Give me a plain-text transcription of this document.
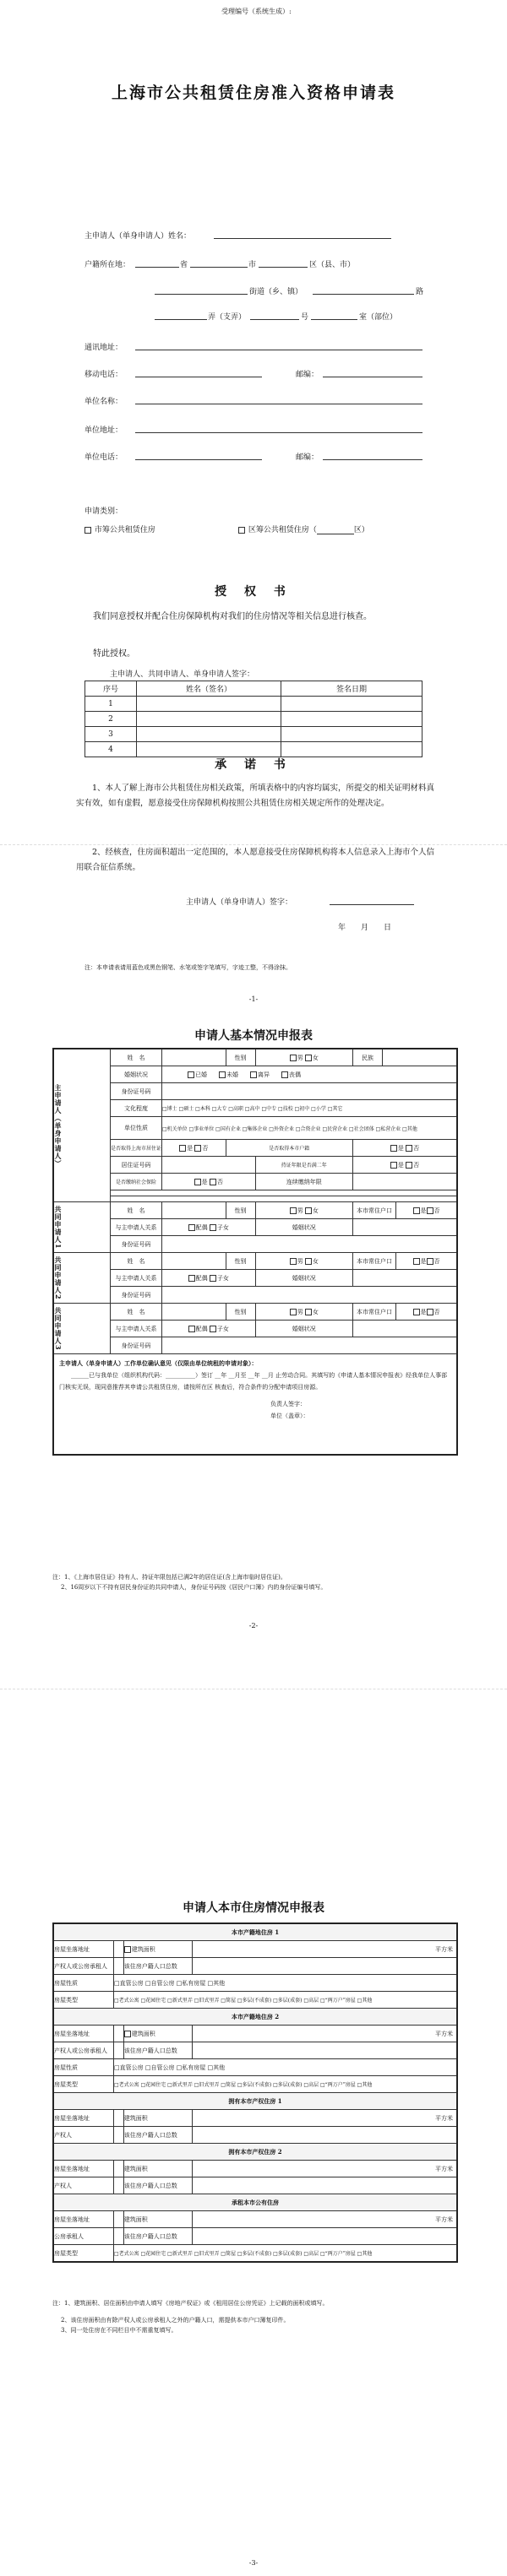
受理编号（系统生成）:
上海市公共租赁住房准入资格申请表
主申请人（单身申请人）姓名：
户籍所在地：	省	市	区（县、市）
街道（乡、镇）	路
弄（支弄）	号	室（部位）
通讯地址：
移动电话：	邮编：
单位名称：
单位地址：
单位电话：	邮编：
申请类别：
市筹公共租赁住房	区筹公共租赁住房（	区）
授 权 书
我们同意授权并配合住房保障机构对我们的住房情况等相关信息进行核查。
特此授权。
主申请人、共同申请人、单身申请人签字：
序号	姓名（签名）	签名日期
1		
2		
3		
4		
承 诺 书
1、本人了解上海市公共租赁住房相关政策，所填表格中的内容均属实，所提交的相关证明材料真实有效，如有虚假，愿意接受住房保障机构按照公共租赁住房相关规定所作的处理决定。
2、经核查，住房面积超出一定范围的，本人愿意接受住房保障机构将本人信息录入上海市个人信用联合征信系统。
主申请人（单身申请人）签字：
年　　月　　日
注：本申请表请用蓝色或黑色钢笔、水笔或签字笔填写，字迹工整，不得涂抹。
-1-
申请人基本情况申报表
主申请人（单身申请人）	姓　名		性别	男 女	民族		
	婚姻状况	已婚　　 未婚　　 离异　　 丧偶					
	身份证号码						
	文化程度	□博士 □硕士 □本科 □大专 □高职 □高中 □中专 □技校 □初中 □小学 □其它					
	单位性质	□机关单位 □事业单位 □国有企业 □集体企业 □外资企业 □合资企业 □民营企业 □社会团体 □私营企业 □其他					
	是否取得上海市居住证	是 否	是否取得本市户籍		是 否		
	居住证号码			持证年限是否满二年	是 否		
	是否缴纳社会保险	是 否		连续缴纳年限			

共同申请人1	姓　名		性别	男 女	本市常住户口		是 否
	与主申请人关系	配偶 子女		婚姻状况			
	身份证号码						

共同申请人2	姓　名		性别	男 女	本市常住户口		是 否
	与主申请人关系	配偶 子女		婚姻状况			
	身份证号码						

共同申请人3	姓　名		性别	男 女	本市常住户口		是 否
	与主申请人关系	配偶 子女		婚姻状况			
	身份证号码						

主申请人（单身申请人）工作单位确认意见（仅限由单位统租的申请对象）：
______已与我单位（组织机构代码：__________）签订 __年 __月至 __年 __月 止劳动合同。其填写的《申请人基本情况申报表》经我单位人事部门核实无误，现同意推荐其申请公共租赁住房，请按所在区 核查后，符合条件的分配申请项目房源。
负责人签字：
单位（盖章）：							
注：1、《上海市居住证》持有人、持证年限包括已满2年的居住证(含上海市临时居住证)。
2、16周岁以下不持有居民身份证的共同申请人，身份证号码按《居民户口簿》内的身份证编号填写。
-2-
申请人本市住房情况申报表
本市产籍地住房 1			
房屋坐落地址		建筑面积	平方米
产权人或公房承租人		该住房户籍人口总数	
房屋性质	□直管公房 □自管公房 □私有房屋 □其他		
房屋类型	□老式公寓 □花园住宅 □新式里弄 □旧式里弄 □简屋 □多层(不成套) □多层(成套) □高层 □“两万户”房屋 □其他		
本市产籍地住房 2			
房屋坐落地址		建筑面积	平方米
产权人或公房承租人		该住房户籍人口总数	
房屋性质	□直管公房 □自管公房 □私有房屋 □其他		
房屋类型	□老式公寓 □花园住宅 □新式里弄 □旧式里弄 □简屋 □多层(不成套) □多层(成套) □高层 □“两万户”房屋 □其他		
拥有本市产权住房 1			
房屋坐落地址		建筑面积	平方米
产权人		该住房户籍人口总数	
拥有本市产权住房 2			
房屋坐落地址		建筑面积	平方米
产权人		该住房户籍人口总数	
承租本市公有住房			
房屋坐落地址		建筑面积	平方米
公房承租人		该住房户籍人口总数	
房屋类型	□老式公寓 □花园住宅 □新式里弄 □旧式里弄 □简屋 □多层(不成套) □多层(成套) □高层 □“两万户”房屋 □其他		
注：1、建筑面积、居住面积由申请人填写《房地产权证》或《租用居住公房凭证》上记载的面积或填写。
2、该住房面积由有除产权人或公房承租人之外的户籍人口，需提供本市户口簿复印件。
3、同一处住房在不同栏目中不需重复填写。
-3-
